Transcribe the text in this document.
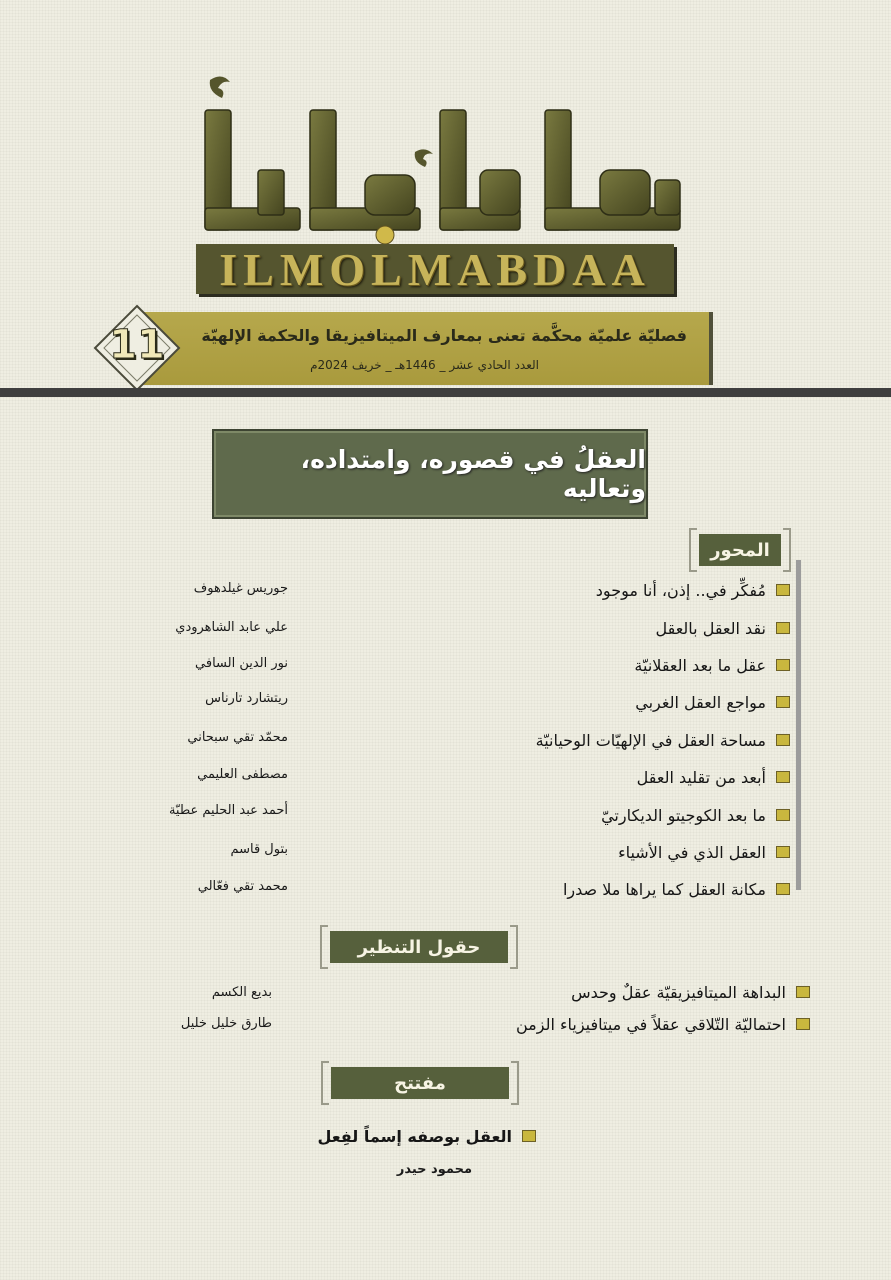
ILMOLMABDAA
فصليّة علميّة محكَّمة تعنى بمعارف الميتافيزيقا والحكمة الإلهيّة
العدد الحادي عشر _ 1446هـ _ خريف 2024م
11
العقلُ في قصوره، وامتداده، وتعاليه
المحور
مُفكِّر في.. إذن، أنا موجود
نقد العقل بالعقل
عقل ما بعد العقلانيّة
مواجع العقل الغربي
مساحة العقل في الإلهيّات الوحيانيّة
أبعد من تقليد العقل
ما بعد الكوجيتو الديكارتيّ
العقل الذي في الأشياء
مكانة العقل كما يراها ملا صدرا
جوريس غيلدهوف
علي عابد الشاهرودي
نور الدين السافي
ريتشارد تارناس
محمّد تقي سبحاني
مصطفى العليمي
أحمد عبد الحليم عطيّة
بتول قاسم
محمد تقي فعّالي
حقول التنظير
البداهة الميتافيزيقيّة عقلٌ وحدس
احتماليّة التّلاقي عقلاً في ميتافيزياء الزمن
بديع الكسم
طارق خليل خليل
مفتتح
العقل بوصفه إسماً لفِعل
محمود حيدر
